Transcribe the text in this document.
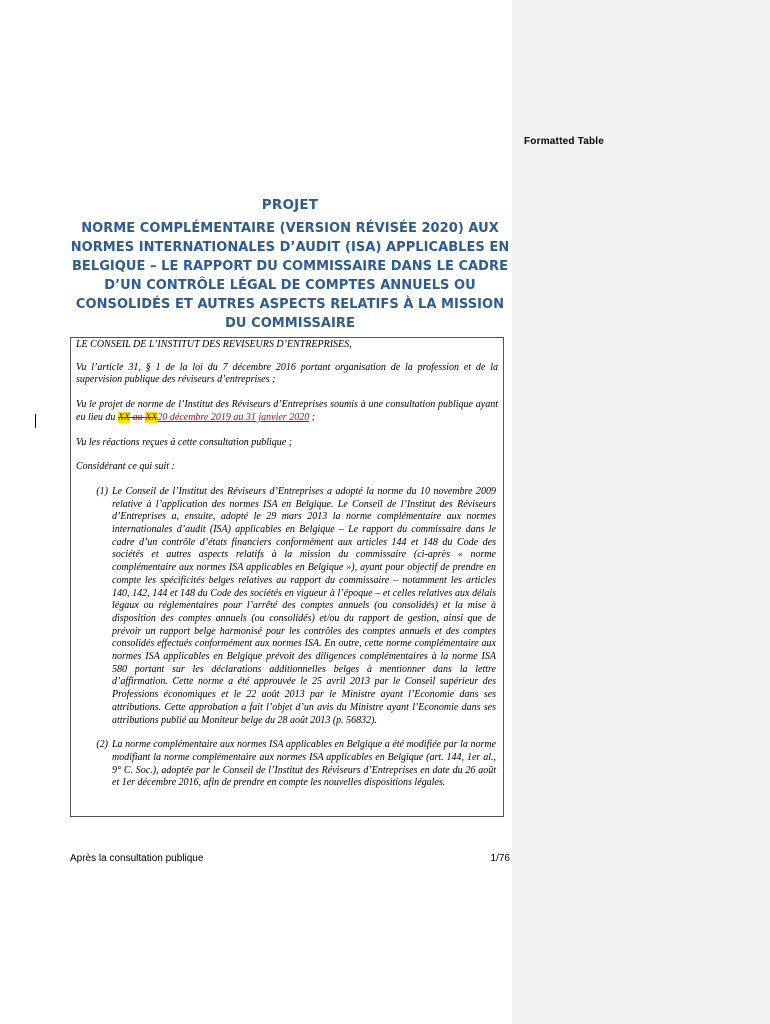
PROJET
NORME COMPLÉMENTAIRE (VERSION RÉVISÉE 2020) AUX NORMES INTERNATIONALES D’AUDIT (ISA) APPLICABLES EN BELGIQUE – LE RAPPORT DU COMMISSAIRE DANS LE CADRE D’UN CONTRÔLE LÉGAL DE COMPTES ANNUELS OU CONSOLIDÉS ET AUTRES ASPECTS RELATIFS À LA MISSION DU COMMISSAIRE

LE CONSEIL DE L’INSTITUT DES REVISEURS D’ENTREPRISES,

Vu l’article 31, § 1 de la loi du 7 décembre 2016 portant organisation de la profession et de la supervision publique des réviseurs d’entreprises ;

Vu le projet de norme de l’Institut des Réviseurs d’Entreprises soumis à une consultation publique ayant eu lieu du XX au XX20 décembre 2019 au 31 janvier 2020 ;

Vu les réactions reçues à cette consultation publique ;

Considérant ce qui suit :

(1) Le Conseil de l’Institut des Réviseurs d’Entreprises a adopté la norme du 10 novembre 2009 relative à l’application des normes ISA en Belgique. Le Conseil de l’Institut des Réviseurs d’Entreprises a, ensuite, adopté le 29 mars 2013 la norme complémentaire aux normes internationales d’audit (ISA) applicables en Belgique – Le rapport du commissaire dans le cadre d’un contrôle d’états financiers conformément aux articles 144 et 148 du Code des sociétés et autres aspects relatifs à la mission du commissaire (ci-après « norme complémentaire aux normes ISA applicables en Belgique »), ayant pour objectif de prendre en compte les spécificités belges relatives au rapport du commissaire – notamment les articles 140, 142, 144 et 148 du Code des sociétés en vigueur à l’époque – et celles relatives aux délais légaux ou réglementaires pour l’arrêté des comptes annuels (ou consolidés) et la mise à disposition des comptes annuels (ou consolidés) et/ou du rapport de gestion, ainsi que de prévoir un rapport belge harmonisé pour les contrôles des comptes annuels et des comptes consolidés effectués conformément aux normes ISA. En outre, cette norme complémentaire aux normes ISA applicables en Belgique prévoit des diligences complémentaires à la norme ISA 580 portant sur les déclarations additionnelles belges à mentionner dans la lettre d’affirmation. Cette norme a été approuvée le 25 avril 2013 par le Conseil supérieur des Professions économiques et le 22 août 2013 par le Ministre ayant l’Economie dans ses attributions. Cette approbation a fait l’objet d’un avis du Ministre ayant l’Economie dans ses attributions publié au Moniteur belge du 28 août 2013 (p. 56832).
(2) La norme complémentaire aux normes ISA applicables en Belgique a été modifiée par la norme modifiant la norme complémentaire aux normes ISA applicables en Belgique (art. 144, 1er al., 9° C. Soc.), adoptée par le Conseil de l’Institut des Réviseurs d’Entreprises en date du 26 août et 1er décembre 2016, afin de prendre en compte les nouvelles dispositions légales.
Après la consultation publique	1/76
Formatted Table
